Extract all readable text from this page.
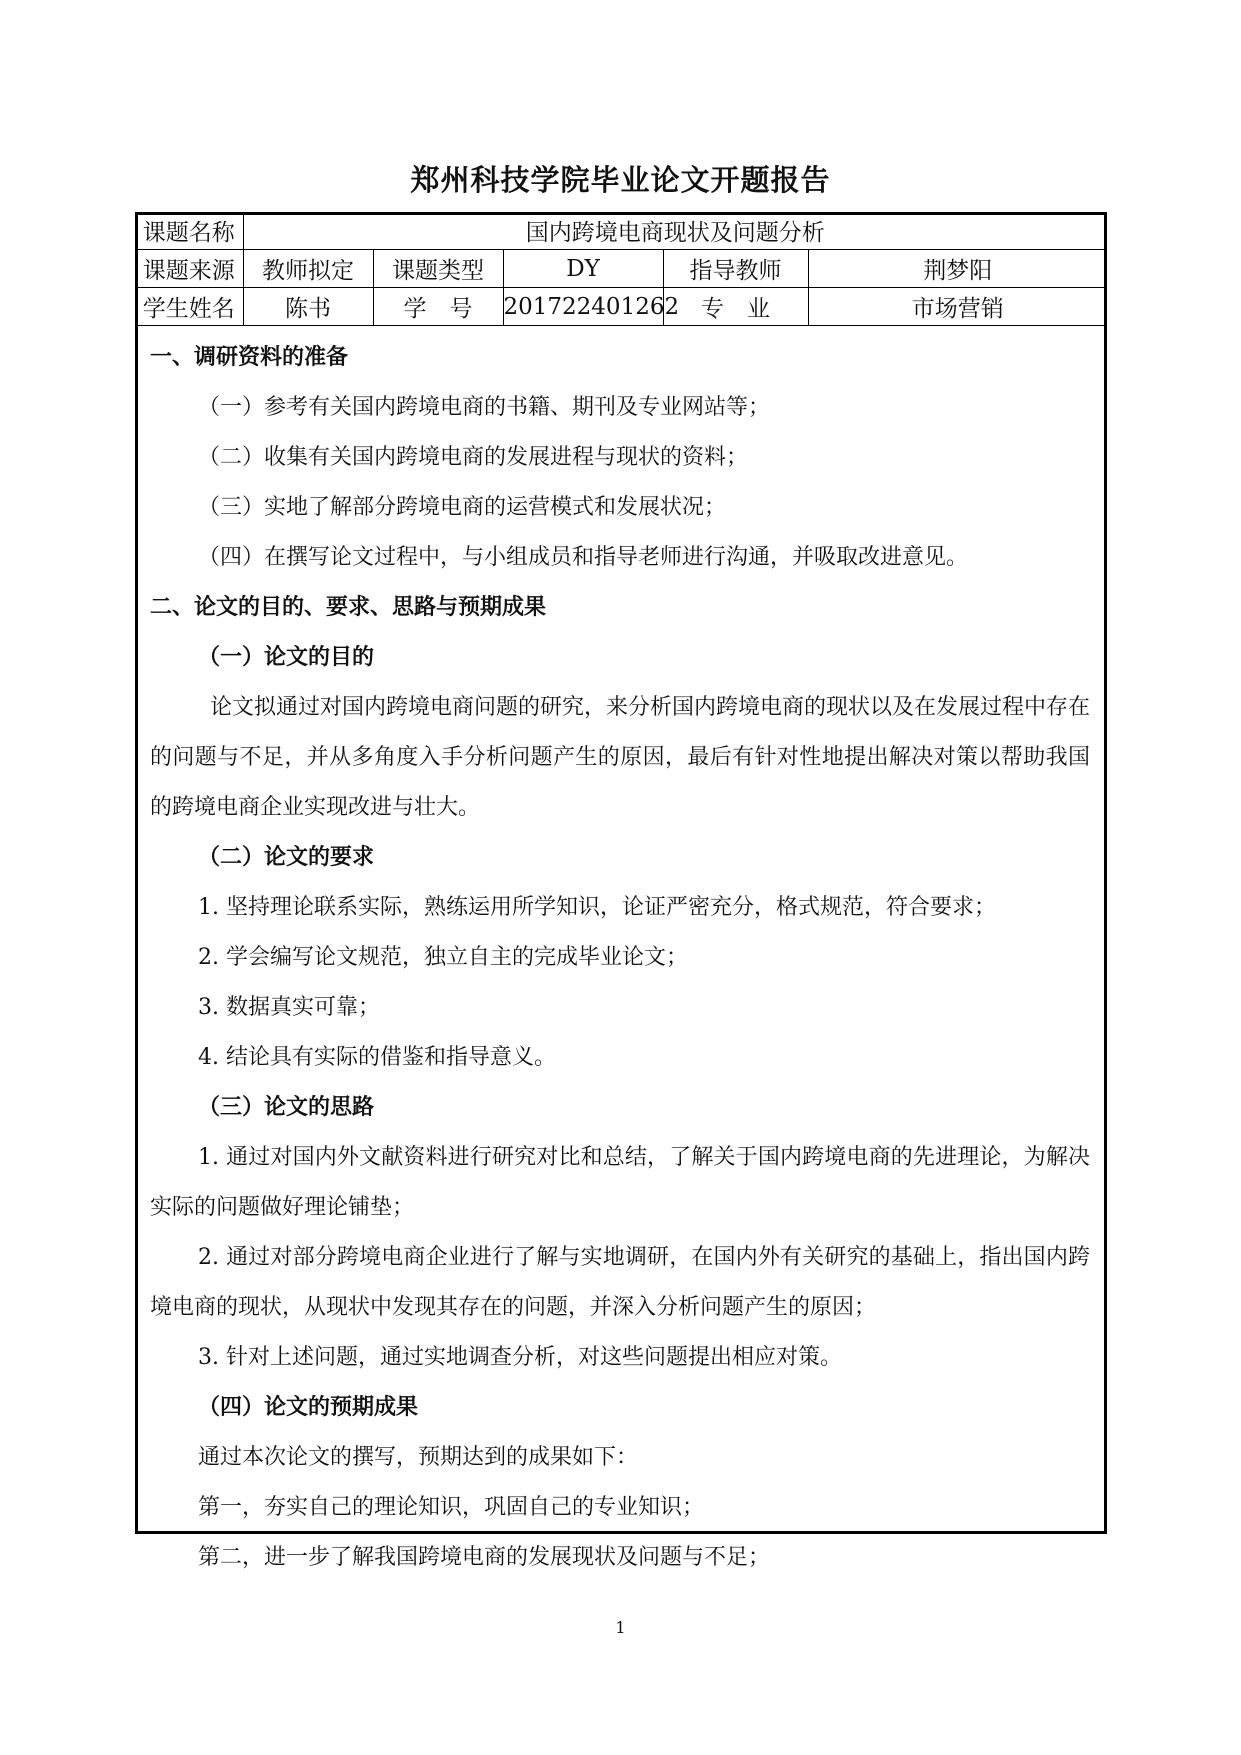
郑州科技学院毕业论文开题报告
课题名称	国内跨境电商现状及问题分析				
课题来源	教师拟定	课题类型	DY	指导教师	荆梦阳
学生姓名	陈书	学　号	201722401262	专　业	市场营销
一、调研资料的准备
（一）参考有关国内跨境电商的书籍、期刊及专业网站等；
（二）收集有关国内跨境电商的发展进程与现状的资料；
（三）实地了解部分跨境电商的运营模式和发展状况；
（四）在撰写论文过程中，与小组成员和指导老师进行沟通，并吸取改进意见。
二、论文的目的、要求、思路与预期成果
（一）论文的目的
论文拟通过对国内跨境电商问题的研究，来分析国内跨境电商的现状以及在发展过程中存在的问题与不足，并从多角度入手分析问题产生的原因，最后有针对性地提出解决对策以帮助我国的跨境电商企业实现改进与壮大。
（二）论文的要求
1. 坚持理论联系实际，熟练运用所学知识，论证严密充分，格式规范，符合要求；
2. 学会编写论文规范，独立自主的完成毕业论文；
3. 数据真实可靠；
4. 结论具有实际的借鉴和指导意义。
（三）论文的思路
1. 通过对国内外文献资料进行研究对比和总结，了解关于国内跨境电商的先进理论，为解决实际的问题做好理论铺垫；
2. 通过对部分跨境电商企业进行了解与实地调研，在国内外有关研究的基础上，指出国内跨境电商的现状，从现状中发现其存在的问题，并深入分析问题产生的原因；
3. 针对上述问题，通过实地调查分析，对这些问题提出相应对策。
（四）论文的预期成果
通过本次论文的撰写，预期达到的成果如下：
第一，夯实自己的理论知识，巩固自己的专业知识；
第二，进一步了解我国跨境电商的发展现状及问题与不足；
1
